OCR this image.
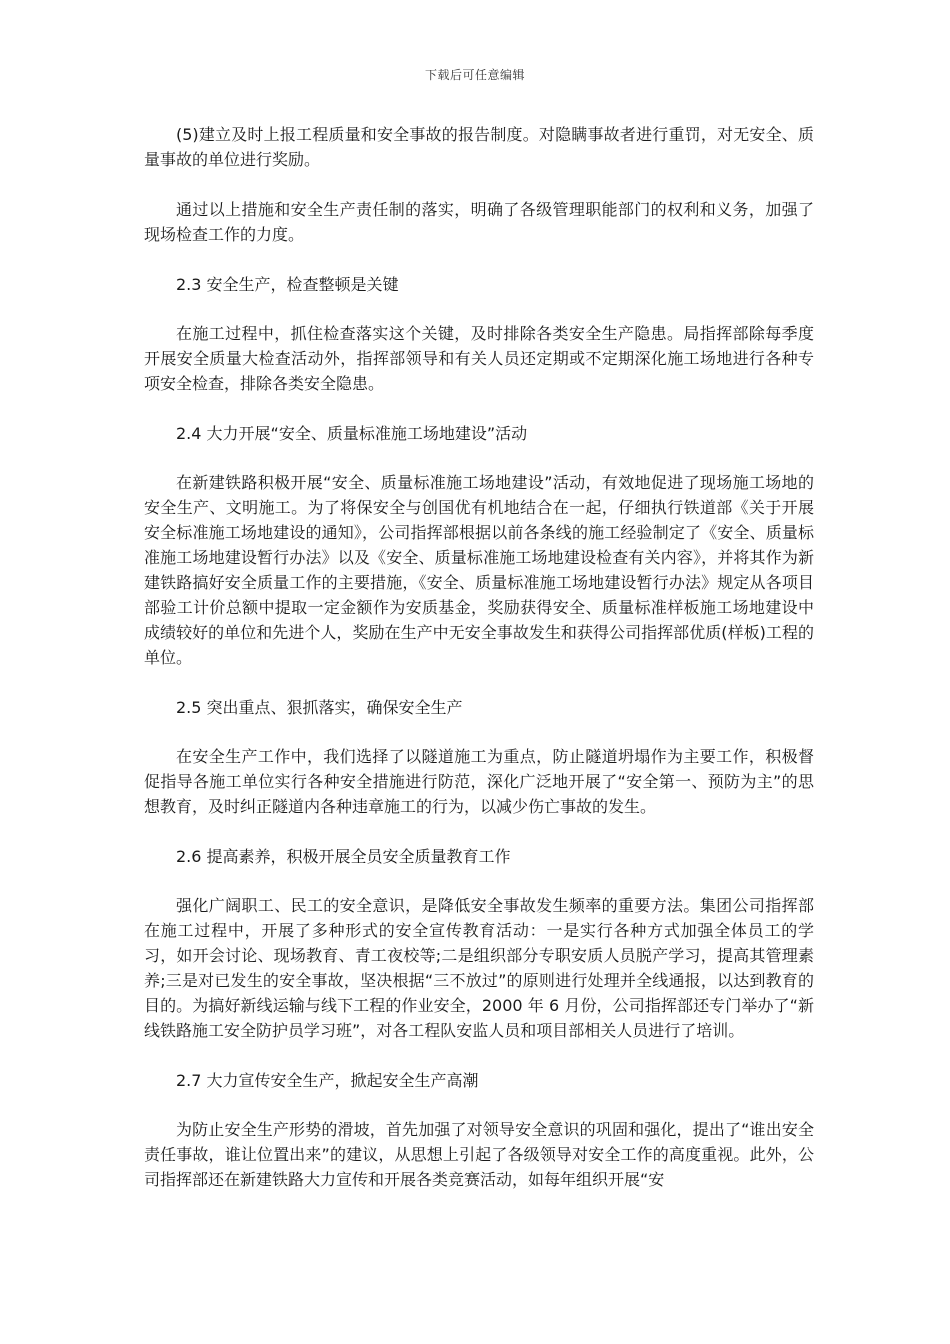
下载后可任意编辑

(5)建立及时上报工程质量和安全事故的报告制度。对隐瞒事故者进行重罚，对无安全、质量事故的单位进行奖励。

通过以上措施和安全生产责任制的落实，明确了各级管理职能部门的权利和义务，加强了现场检查工作的力度。

2.3 安全生产，检查整顿是关键

在施工过程中，抓住检查落实这个关键，及时排除各类安全生产隐患。局指挥部除每季度开展安全质量大检查活动外，指挥部领导和有关人员还定期或不定期深化施工场地进行各种专项安全检查，排除各类安全隐患。

2.4 大力开展“安全、质量标准施工场地建设”活动

在新建铁路积极开展“安全、质量标准施工场地建设”活动，有效地促进了现场施工场地的安全生产、文明施工。为了将保安全与创国优有机地结合在一起，仔细执行铁道部《关于开展安全标准施工场地建设的通知》，公司指挥部根据以前各条线的施工经验制定了《安全、质量标准施工场地建设暂行办法》以及《安全、质量标准施工场地建设检查有关内容》，并将其作为新建铁路搞好安全质量工作的主要措施，《安全、质量标准施工场地建设暂行办法》规定从各项目部验工计价总额中提取一定金额作为安质基金，奖励获得安全、质量标准样板施工场地建设中成绩较好的单位和先进个人，奖励在生产中无安全事故发生和获得公司指挥部优质(样板)工程的单位。

2.5 突出重点、狠抓落实，确保安全生产

在安全生产工作中，我们选择了以隧道施工为重点，防止隧道坍塌作为主要工作，积极督促指导各施工单位实行各种安全措施进行防范，深化广泛地开展了“安全第一、预防为主”的思想教育，及时纠正隧道内各种违章施工的行为，以减少伤亡事故的发生。

2.6 提高素养，积极开展全员安全质量教育工作

强化广阔职工、民工的安全意识，是降低安全事故发生频率的重要方法。集团公司指挥部在施工过程中，开展了多种形式的安全宣传教育活动：一是实行各种方式加强全体员工的学习，如开会讨论、现场教育、青工夜校等;二是组织部分专职安质人员脱产学习，提高其管理素养;三是对已发生的安全事故，坚决根据“三不放过”的原则进行处理并全线通报，以达到教育的目的。为搞好新线运输与线下工程的作业安全，2000 年 6 月份，公司指挥部还专门举办了“新线铁路施工安全防护员学习班”，对各工程队安监人员和项目部相关人员进行了培训。

2.7 大力宣传安全生产，掀起安全生产高潮

为防止安全生产形势的滑坡，首先加强了对领导安全意识的巩固和强化，提出了“谁出安全责任事故，谁让位置出来”的建议，从思想上引起了各级领导对安全工作的高度重视。此外，公司指挥部还在新建铁路大力宣传和开展各类竞赛活动，如每年组织开展“安
